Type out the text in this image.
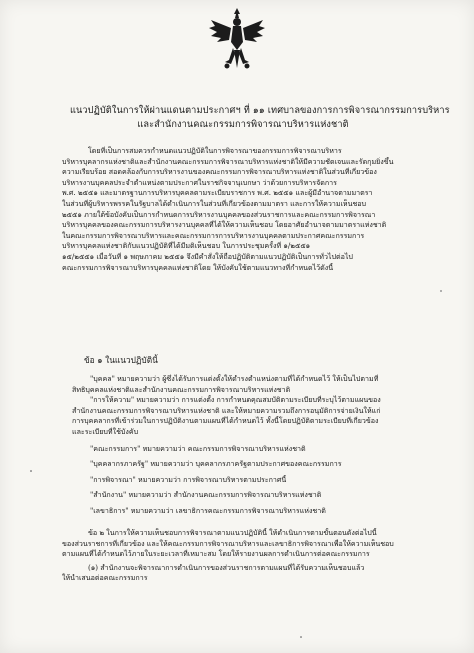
แนวปฏิบัติในการให้ผ่านแดนตามประกาศฯ ที่ ๑๑ เทศบาลของการการพิจารณากรรมการบริหาร
และสำนักงานคณะกรรมการพิจารณาบริหารแห่งชาติ
โดยที่เป็นการสมควรกำหนดแนวปฏิบัติในการพิจารณาของกรรมการพิจารณาบริหาร
บริหารบุคลากรแห่งชาติและสำนักงานคณะกรรมการพิจารณาบริหารแห่งชาติให้มีความชัดเจนและรัดกุมยิ่งขึ้น
ความเรียบร้อย สอดคล้องกับการบริหารงานของคณะกรรมการพิจารณาบริหารแห่งชาติในส่วนที่เกี่ยวข้อง
บริหารงานบุคคลประจำตำแหน่งตามประกาศในราชกิจจานุเบกษา ว่าด้วยการบริหารจัดการ
พ.ศ. ๒๕๕๑ และมาตรฐานการบริหารบุคคลตามระเบียบราชการ พ.ศ. ๒๕๕๑ และผู้มีอำนาจตามมาตรา
ในส่วนที่ผู้บริหารพรรคในรัฐบาลได้ดำเนินการในส่วนที่เกี่ยวข้องตามมาตรา และการให้ความเห็นชอบ
๒๕๕๑ ภายใต้ข้อบังคับเป็นการกำหนดการบริหารงานบุคคลของส่วนราชการและคณะกรรมการพิจารณา
บริหารบุคคลของคณะกรรมการบริหารงานบุคคลที่ได้ให้ความเห็นชอบ โดยอาศัยอำนาจตามมาตราแห่งชาติ
ในคณะกรรมการพิจารณาบริหารและคณะกรรมการการบริหารงานบุคคลตามประกาศคณะกรรมการ
บริหารบุคคลแห่งชาติกับแนวปฏิบัติที่ได้มีมติเห็นชอบ ในการประชุมครั้งที่ ๑/๒๕๕๑
๑๕/๒๕๕๑ เมื่อวันที่ ๑ พฤษภาคม ๒๕๕๑ จึงมีคำสั่งให้ถือปฏิบัติตามแนวปฏิบัติเป็นการทั่วไปต่อไป
คณะกรรมการพิจารณาบริหารบุคคลแห่งชาติโดย ให้บังคับใช้ตามแนวทางที่กำหนดไว้ดังนี้
ข้อ ๑ ในแนวปฏิบัตินี้
"บุคคล" หมายความว่า ผู้ซึ่งได้รับการแต่งตั้งให้ดำรงตำแหน่งตามที่ได้กำหนดไว้ ให้เป็นไปตามที่
สิทธิบุคคลแห่งชาติและสำนักงานคณะกรรมการพิจารณาบริหารแห่งชาติ
"การให้ความ" หมายความว่า การแต่งตั้ง การกำหนดคุณสมบัติตามระเบียบที่ระบุไว้ตามแผนของ
สำนักงานคณะกรรมการพิจารณาบริหารแห่งชาติ และให้หมายความรวมถึงการอนุมัติการจ่ายเงินให้แก่
การบุคคลากรที่เข้าร่วมในการปฏิบัติงานตามแผนที่ได้กำหนดไว้ ทั้งนี้โดยปฏิบัติตามระเบียบที่เกี่ยวข้อง
และระเบียบที่ใช้บังคับ
"คณะกรรมการ" หมายความว่า คณะกรรมการพิจารณาบริหารแห่งชาติ
"บุคคลากรภาครัฐ" หมายความว่า บุคคลากรภาครัฐตามประกาศของคณะกรรมการ
"การพิจารณา" หมายความว่า การพิจารณาบริหารตามประกาศนี้
"สำนักงาน" หมายความว่า สำนักงานคณะกรรมการพิจารณาบริหารแห่งชาติ
"เลขาธิการ" หมายความว่า เลขาธิการคณะกรรมการพิจารณาบริหารแห่งชาติ
ข้อ ๒ ในการให้ความเห็นชอบการพิจารณาตามแนวปฏิบัตินี้ ให้ดำเนินการตามขั้นตอนดังต่อไปนี้
ของส่วนราชการที่เกี่ยวข้อง และให้คณะกรรมการพิจารณาบริหารและเลขาธิการพิจารณาเพื่อให้ความเห็นชอบ
ตามแผนที่ได้กำหนดไว้ภายในระยะเวลาที่เหมาะสม โดยให้รายงานผลการดำเนินการต่อคณะกรรมการ
(๑) สำนักงานจะพิจารณาการดำเนินการของส่วนราชการตามแผนที่ได้รับความเห็นชอบแล้ว
ให้นำเสนอต่อคณะกรรมการ
